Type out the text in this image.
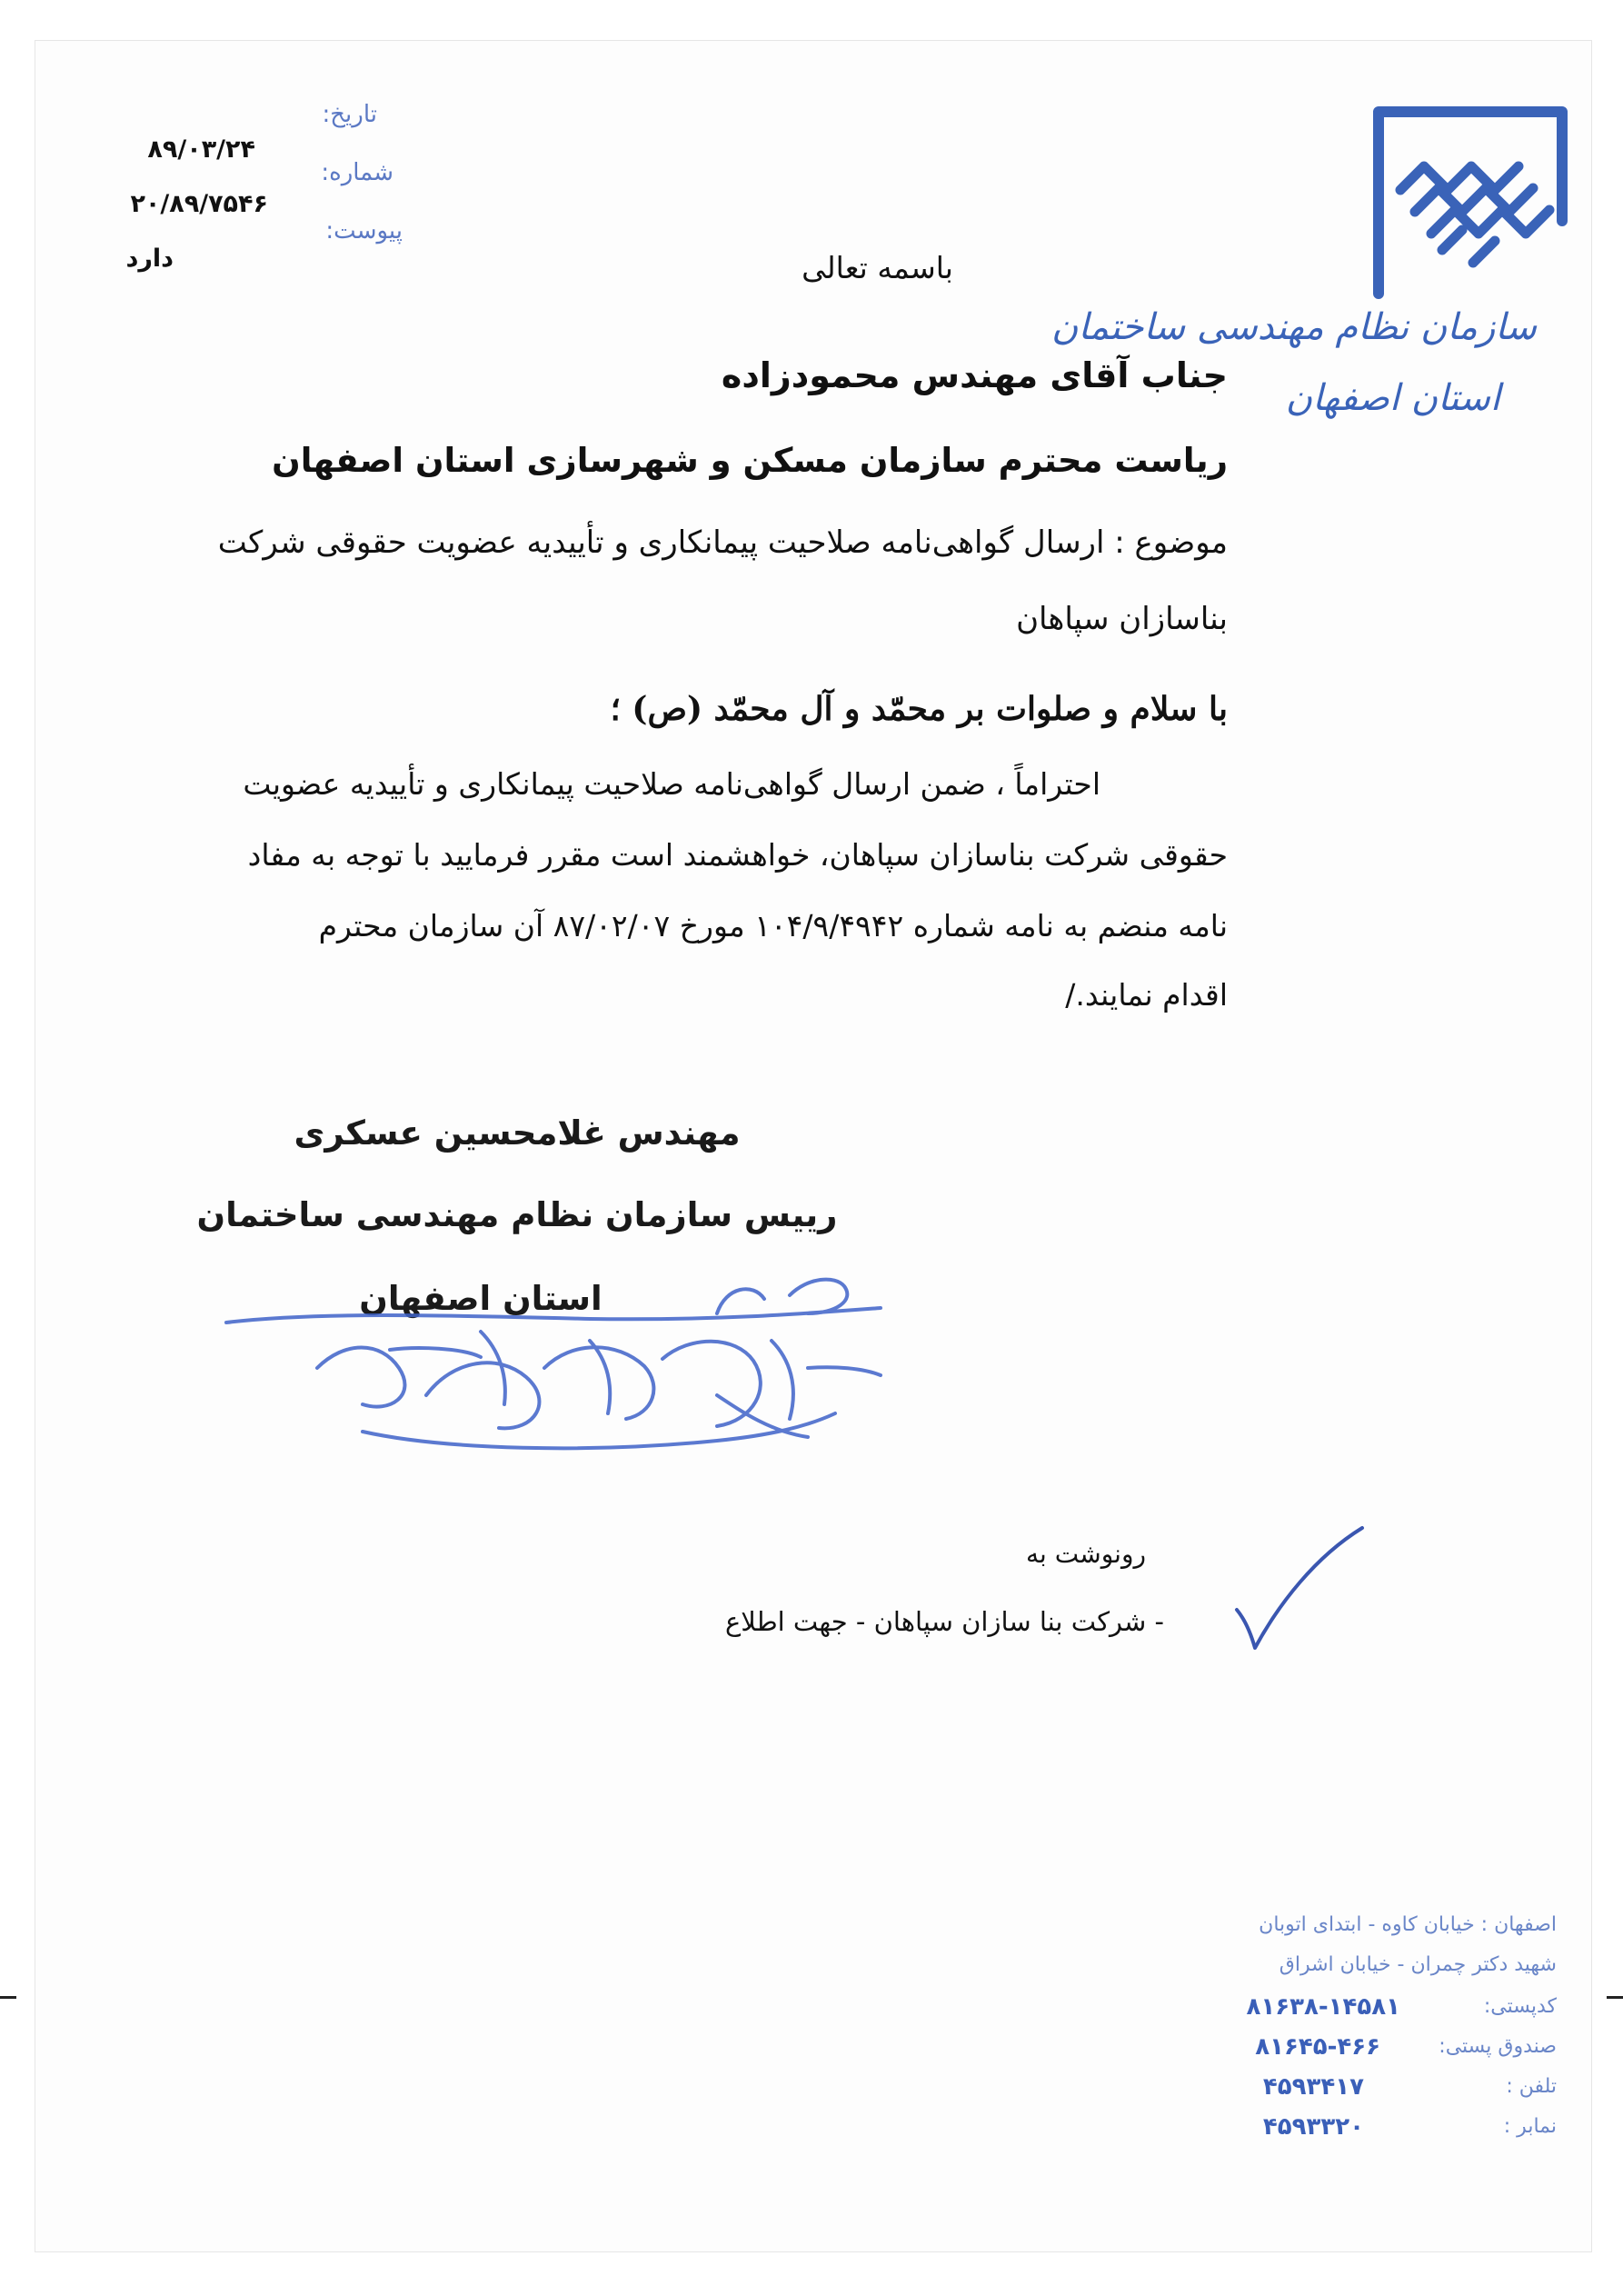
سازمان نظام مهندسی ساختمان
استان اصفهان
تاریخ:
شماره:
پیوست:
۸۹/۰۳/۲۴
۲۰/۸۹/۷۵۴۶
دارد	باسمه تعالی
جناب آقای مهندس محمودزاده
ریاست محترم سازمان مسکن و شهرسازی استان اصفهان
موضوع : ارسال گواهی‌نامه صلاحیت پیمانکاری و تأییدیه عضویت حقوقی شرکت
بناسازان سپاهان
با سلام و صلوات بر محمّد و آل محمّد (ص) ؛
احتراماً ، ضمن ارسال گواهی‌نامه صلاحیت پیمانکاری و تأییدیه عضویت
حقوقی شرکت بناسازان سپاهان، خواهشمند است مقرر فرمایید با توجه به مفاد
نامه منضم به نامه شماره ۱۰۴/۹/۴۹۴۲ مورخ ۸۷/۰۲/۰۷ آن سازمان محترم
اقدام نمایند./
مهندس غلامحسین عسکری
رییس سازمان نظام مهندسی ساختمان
استان اصفهان
رونوشت به
- شرکت بنا سازان سپاهان - جهت اطلاع
اصفهان : خیابان کاوه - ابتدای اتوبان
شهید دکتر چمران - خیابان اشراق
کدپستی:
۸۱۶۳۸-۱۴۵۸۱
صندوق پستی:
۸۱۶۴۵-۴۶۶
تلفن :
۴۵۹۳۴۱۷
نمابر :
۴۵۹۳۳۲۰
